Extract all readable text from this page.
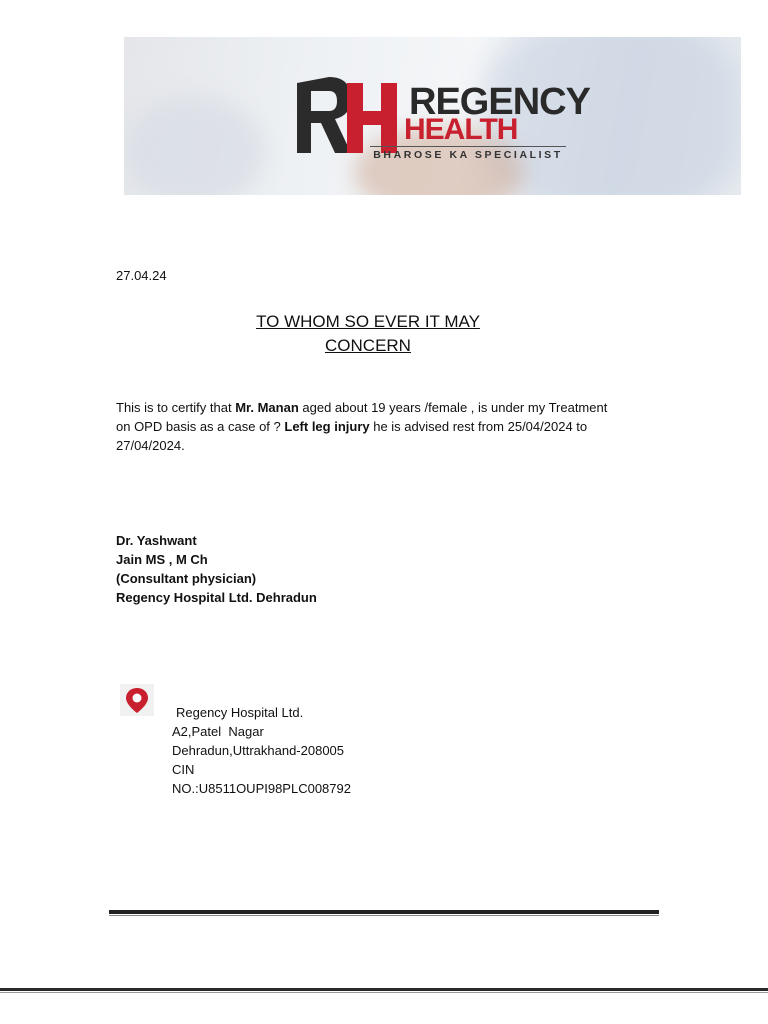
REGENCY
HEALTH
BHAROSE KA SPECIALIST
27.04.24
TO WHOM SO EVER IT MAY
CONCERN
This is to certify that Mr. Manan aged about 19 years /female , is under my Treatment on OPD basis as a case of ? Left leg injury he is advised rest from 25/04/2024 to 27/04/2024.
Dr. Yashwant
Jain MS , M Ch
(Consultant physician)
Regency Hospital Ltd. Dehradun
Regency Hospital Ltd.
A2,Patel  Nagar
Dehradun,Uttrakhand-208005
CIN
NO.:U8511OUPI98PLC008792
